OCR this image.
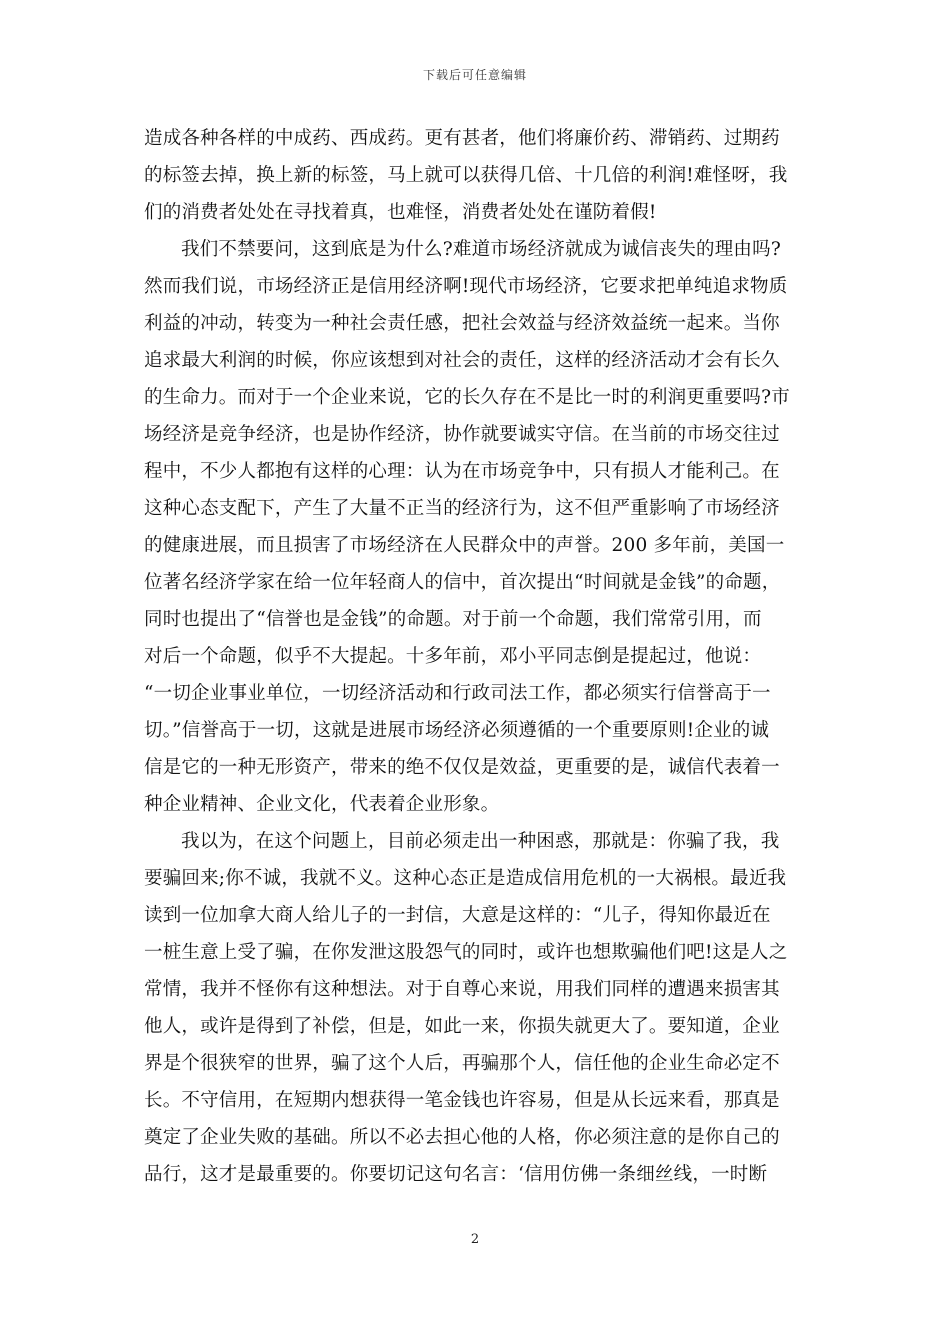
下载后可任意编辑
造成各种各样的中成药、西成药。更有甚者，他们将廉价药、滞销药、过期药
的标签去掉，换上新的标签，马上就可以获得几倍、十几倍的利润!难怪呀，我
们的消费者处处在寻找着真，也难怪，消费者处处在谨防着假!
我们不禁要问，这到底是为什么?难道市场经济就成为诚信丧失的理由吗?
然而我们说，市场经济正是信用经济啊!现代市场经济，它要求把单纯追求物质
利益的冲动，转变为一种社会责任感，把社会效益与经济效益统一起来。当你
追求最大利润的时候，你应该想到对社会的责任，这样的经济活动才会有长久
的生命力。而对于一个企业来说，它的长久存在不是比一时的利润更重要吗?市
场经济是竞争经济，也是协作经济，协作就要诚实守信。在当前的市场交往过
程中，不少人都抱有这样的心理：认为在市场竞争中，只有损人才能利己。在
这种心态支配下，产生了大量不正当的经济行为，这不但严重影响了市场经济
的健康进展，而且损害了市场经济在人民群众中的声誉。200 多年前，美国一
位著名经济学家在给一位年轻商人的信中，首次提出“时间就是金钱”的命题，
同时也提出了“信誉也是金钱”的命题。对于前一个命题，我们常常引用，而
对后一个命题，似乎不大提起。十多年前，邓小平同志倒是提起过，他说：
“一切企业事业单位，一切经济活动和行政司法工作，都必须实行信誉高于一
切。”信誉高于一切，这就是进展市场经济必须遵循的一个重要原则!企业的诚
信是它的一种无形资产，带来的绝不仅仅是效益，更重要的是，诚信代表着一
种企业精神、企业文化，代表着企业形象。
我以为，在这个问题上，目前必须走出一种困惑，那就是：你骗了我，我
要骗回来;你不诚，我就不义。这种心态正是造成信用危机的一大祸根。最近我
读到一位加拿大商人给儿子的一封信，大意是这样的：“儿子，得知你最近在
一桩生意上受了骗，在你发泄这股怨气的同时，或许也想欺骗他们吧!这是人之
常情，我并不怪你有这种想法。对于自尊心来说，用我们同样的遭遇来损害其
他人，或许是得到了补偿，但是，如此一来，你损失就更大了。要知道，企业
界是个很狭窄的世界，骗了这个人后，再骗那个人，信任他的企业生命必定不
长。不守信用，在短期内想获得一笔金钱也许容易，但是从长远来看，那真是
奠定了企业失败的基础。所以不必去担心他的人格，你必须注意的是你自己的
品行，这才是最重要的。你要切记这句名言：‘信用仿佛一条细丝线，一时断
2
